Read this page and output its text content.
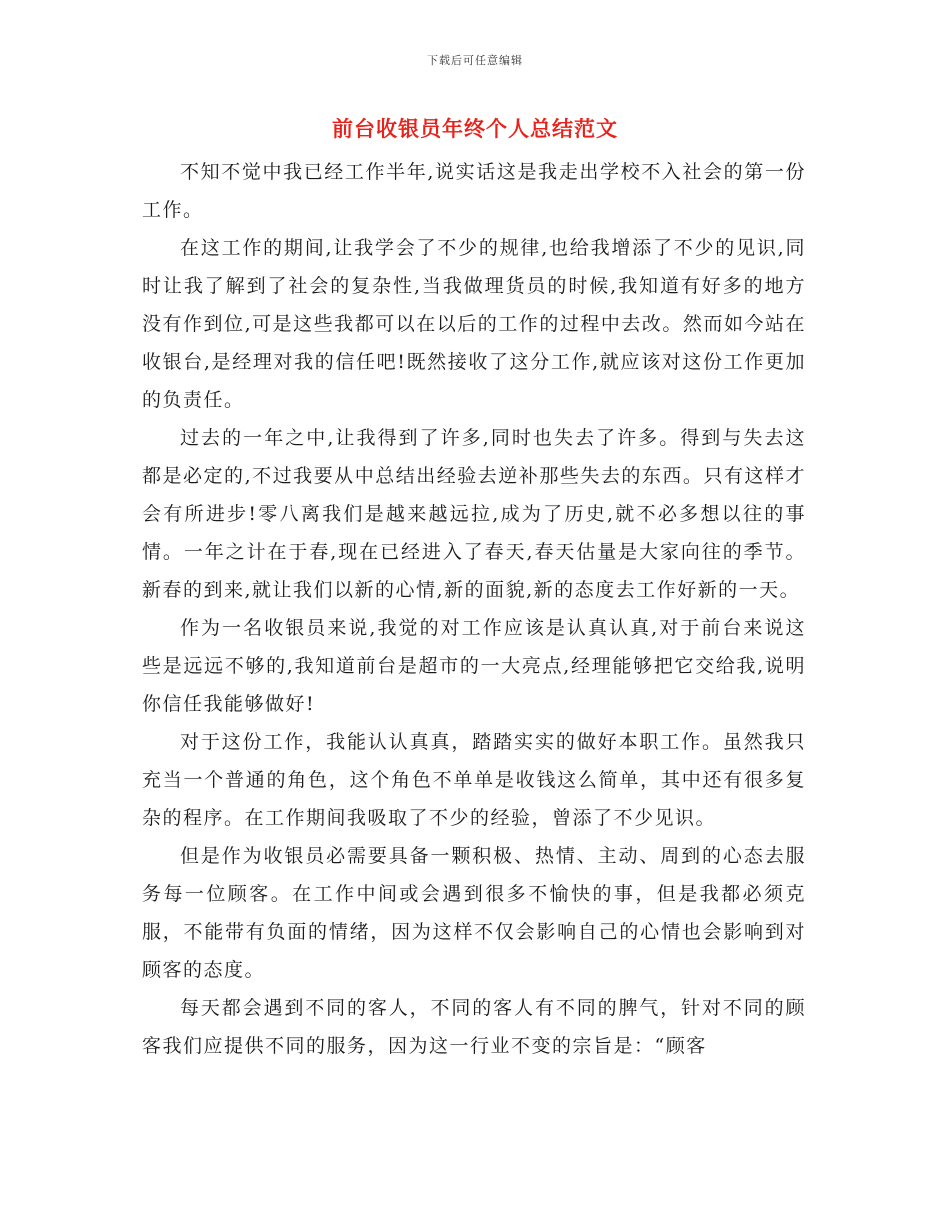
下载后可任意编辑
前台收银员年终个人总结范文

不知不觉中我已经工作半年,说实话这是我走出学校不入社会的第一份工作。

在这工作的期间,让我学会了不少的规律,也给我增添了不少的见识,同时让我了解到了社会的复杂性,当我做理货员的时候,我知道有好多的地方没有作到位,可是这些我都可以在以后的工作的过程中去改。然而如今站在收银台,是经理对我的信任吧!既然接收了这分工作,就应该对这份工作更加的负责任。

过去的一年之中,让我得到了许多,同时也失去了许多。得到与失去这都是必定的,不过我要从中总结出经验去逆补那些失去的东西。只有这样才会有所进步!零八离我们是越来越远拉,成为了历史,就不必多想以往的事情。一年之计在于春,现在已经进入了春天,春天估量是大家向往的季节。新春的到来,就让我们以新的心情,新的面貌,新的态度去工作好新的一天。

作为一名收银员来说,我觉的对工作应该是认真认真,对于前台来说这些是远远不够的,我知道前台是超市的一大亮点,经理能够把它交给我,说明你信任我能够做好!

对于这份工作，我能认认真真，踏踏实实的做好本职工作。虽然我只充当一个普通的角色，这个角色不单单是收钱这么简单，其中还有很多复杂的程序。在工作期间我吸取了不少的经验，曾添了不少见识。

但是作为收银员必需要具备一颗积极、热情、主动、周到的心态去服务每一位顾客。在工作中间或会遇到很多不愉快的事，但是我都必须克服，不能带有负面的情绪，因为这样不仅会影响自己的心情也会影响到对顾客的态度。

每天都会遇到不同的客人，不同的客人有不同的脾气，针对不同的顾客我们应提供不同的服务，因为这一行业不变的宗旨是：“顾客
